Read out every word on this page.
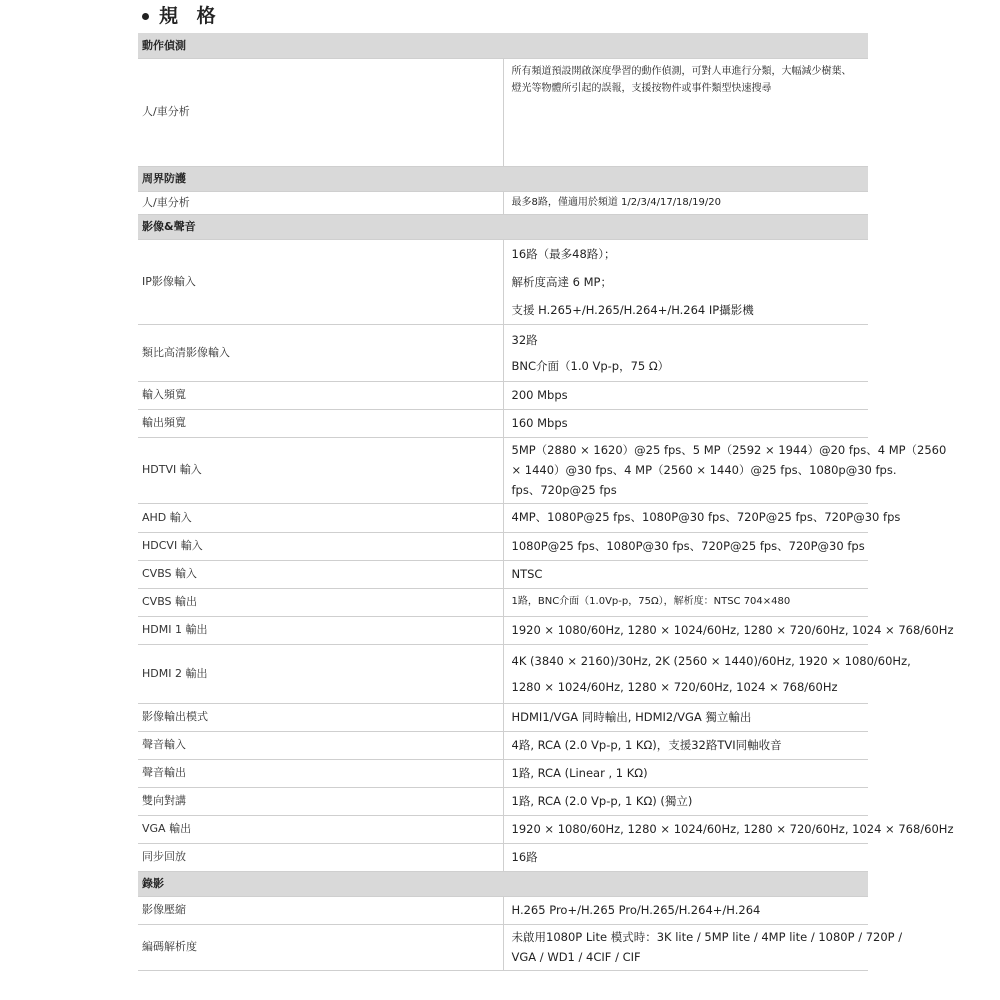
規 格
動作偵測	
人/車分析	所有頻道預設開啟深度學習的動作偵測，可對人車進行分類，大幅減少樹葉、
燈光等物體所引起的誤報，支援按物件或事件類型快速搜尋

周界防護	
人/車分析	最多8路，僅適用於頻道 1/2/3/4/17/18/19/20

影像&聲音	
IP影像輸入	16路（最多48路）；
解析度高達 6 MP；
支援 H.265+/H.265/H.264+/H.264 IP攝影機

類比高清影像輸入	32路
BNC介面（1.0 Vp-p，75 Ω）

輸入頻寬	200 Mbps

輸出頻寬	160 Mbps

HDTVI 輸入	5MP（2880 × 1620）@25 fps、5 MP（2592 × 1944）@20 fps、4 MP（2560
× 1440）@30 fps、4 MP（2560 × 1440）@25 fps、1080p@30 fps.
fps、720p@25 fps

AHD 輸入	4MP、1080P@25 fps、1080P@30 fps、720P@25 fps、720P@30 fps

HDCVI 輸入	1080P@25 fps、1080P@30 fps、720P@25 fps、720P@30 fps

CVBS 輸入	NTSC

CVBS 輸出	1路，BNC介面（1.0Vp-p，75Ω），解析度：NTSC 704×480

HDMI 1 輸出	1920 × 1080/60Hz, 1280 × 1024/60Hz, 1280 × 720/60Hz, 1024 × 768/60Hz

HDMI 2 輸出	4K (3840 × 2160)/30Hz, 2K (2560 × 1440)/60Hz, 1920 × 1080/60Hz,
1280 × 1024/60Hz, 1280 × 720/60Hz, 1024 × 768/60Hz

影像輸出模式	HDMI1/VGA 同時輸出, HDMI2/VGA 獨立輸出

聲音輸入	4路, RCA (2.0 Vp-p, 1 KΩ)，支援32路TVI同軸收音

聲音輸出	1路, RCA (Linear , 1 KΩ)

雙向對講	1路, RCA (2.0 Vp-p, 1 KΩ) (獨立)

VGA 輸出	1920 × 1080/60Hz, 1280 × 1024/60Hz, 1280 × 720/60Hz, 1024 × 768/60Hz

同步回放	16路

錄影	
影像壓縮	H.265 Pro+/H.265 Pro/H.265/H.264+/H.264

編碼解析度	未啟用1080P Lite 模式時：3K lite / 5MP lite / 4MP lite / 1080P / 720P /
VGA / WD1 / 4CIF / CIF
